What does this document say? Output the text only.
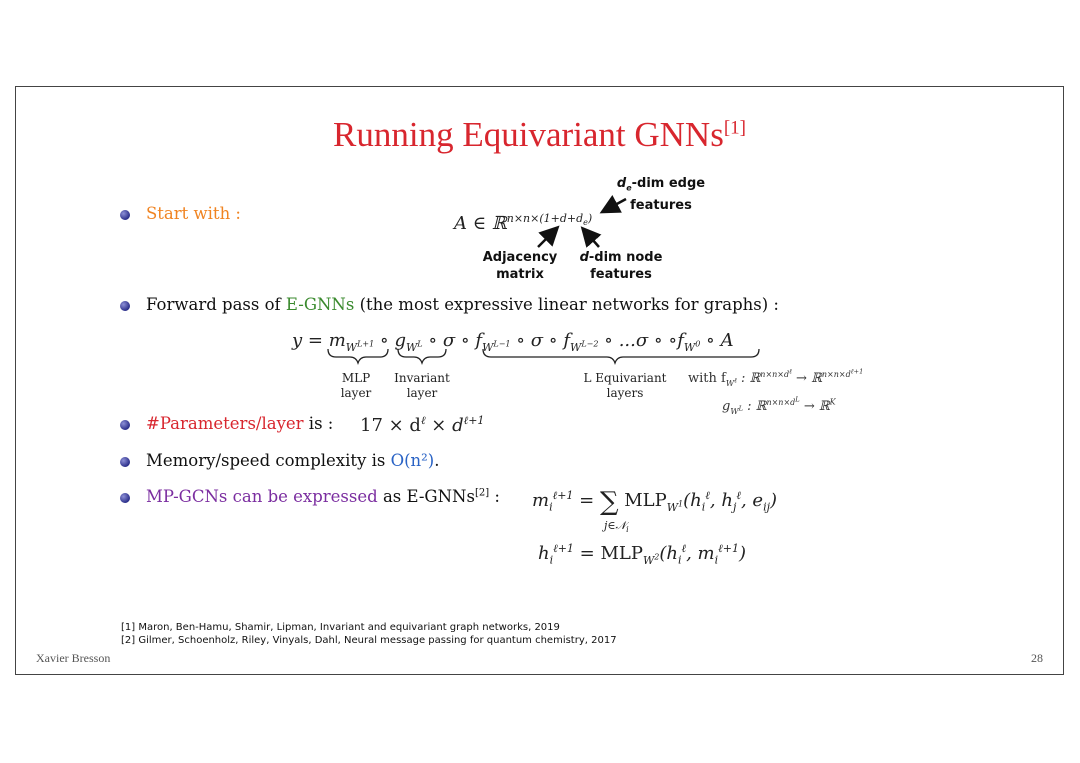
Running Equivariant GNNs[1]
Start with :	A ∈ ℝ$^{n\times n\times(1+d+d_e)}$
$d_e$-dim edge
features
Adjacency
matrix
d-dim node
features
Forward pass of E-GNNs (the most expressive linear networks for graphs) :
$y = m_{W^{L+1}}$ ∘ $g_{W^L}$ ∘ σ ∘ $f_{W^{L-1}}$ ∘ σ ∘ $f_{W^{L-2}}$ ∘ ...σ ∘ $\circ f_{W^0}$ ∘ A
MLP
layer
Invariant
layer
L Equivariant
layers
with $f_{W^\ell}$ : ℝ$^{n\times n\times d^\ell}$ → ℝ$^{n\times n\times d^{\ell+1}}$
$g_{W^L}$ : ℝ$^{n\times n\times d^L}$ → ℝ$^K$
#Parameters/layer is : $17 \times d^\ell \times d^{\ell+1}$
Memory/speed complexity is O(n²).
MP-GCNs can be expressed as E-GNNs[2] : $m_i^{\ell+1}$ = ∑ $MLP_{W^1}(h_i^\ell$, $h_j^\ell$, $e_{ij}$)
j∈𝒩$_i$
$h_i^{\ell+1} = MLP_{W^2}(h_i^\ell$, $m_i^{\ell+1}$)
[1] Maron, Ben-Hamu, Shamir, Lipman, Invariant and equivariant graph networks, 2019
[2] Gilmer, Schoenholz, Riley, Vinyals, Dahl, Neural message passing for quantum chemistry, 2017
Xavier Bresson	28
